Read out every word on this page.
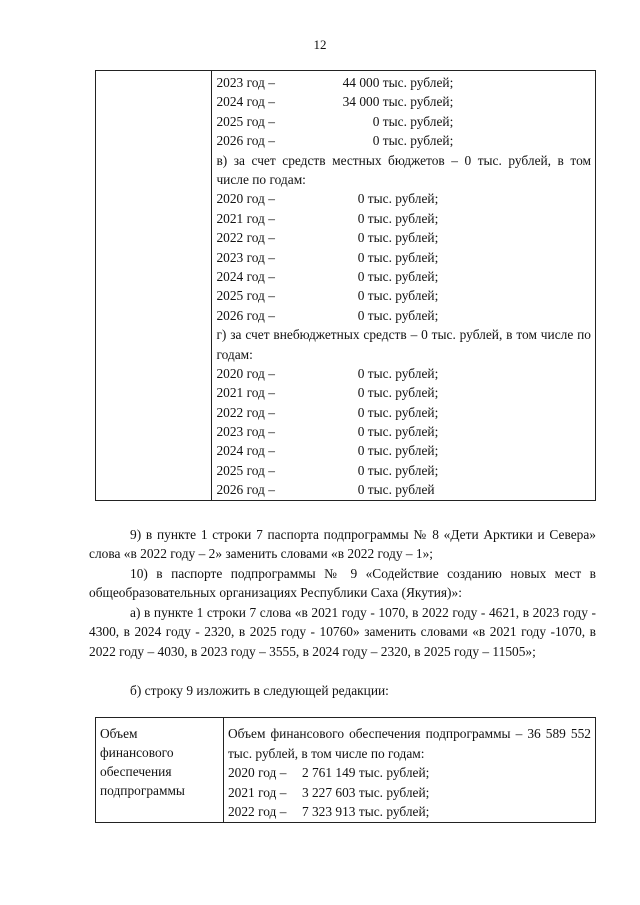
12

2023 год –	44 000 тыс. рублей;
2024 год –	34 000 тыс. рублей;
2025 год –	0 тыс. рублей;
2026 год –	0 тыс. рублей;
в) за счет средств местных бюджетов – 0 тыс. рублей, в том числе по годам:
2020 год –	0 тыс. рублей;
2021 год –	0 тыс. рублей;
2022 год –	0 тыс. рублей;
2023 год –	0 тыс. рублей;
2024 год –	0 тыс. рублей;
2025 год –	0 тыс. рублей;
2026 год –	0 тыс. рублей;
г) за счет внебюджетных средств – 0 тыс. рублей, в том числе по годам:
2020 год –	0 тыс. рублей;
2021 год –	0 тыс. рублей;
2022 год –	0 тыс. рублей;
2023 год –	0 тыс. рублей;
2024 год –	0 тыс. рублей;
2025 год –	0 тыс. рублей;
2026 год –	0 тыс. рублей
9) в пункте 1 строки 7 паспорта подпрограммы № 8 «Дети Арктики и Севера» слова «в 2022 году – 2» заменить словами «в 2022 году – 1»;
10) в паспорте подпрограммы № 9 «Содействие созданию новых мест в общеобразовательных организациях Республики Саха (Якутия)»:
а) в пункте 1 строки 7 слова «в 2021 году - 1070, в 2022 году - 4621, в 2023 году - 4300, в 2024 году - 2320, в 2025 году - 10760» заменить словами «в 2021 году -1070, в 2022 году – 4030, в 2023 году – 3555, в 2024 году – 2320, в 2025 году – 11505»;
б) строку 9 изложить в следующей редакции:
Объем финансового обеспечения подпрограммы

Объем финансового обеспечения подпрограммы – 36 589 552 тыс. рублей, в том числе по годам:
2020 год – 2 761 149 тыс. рублей;
2021 год – 3 227 603 тыс. рублей;
2022 год – 7 323 913 тыс. рублей;
